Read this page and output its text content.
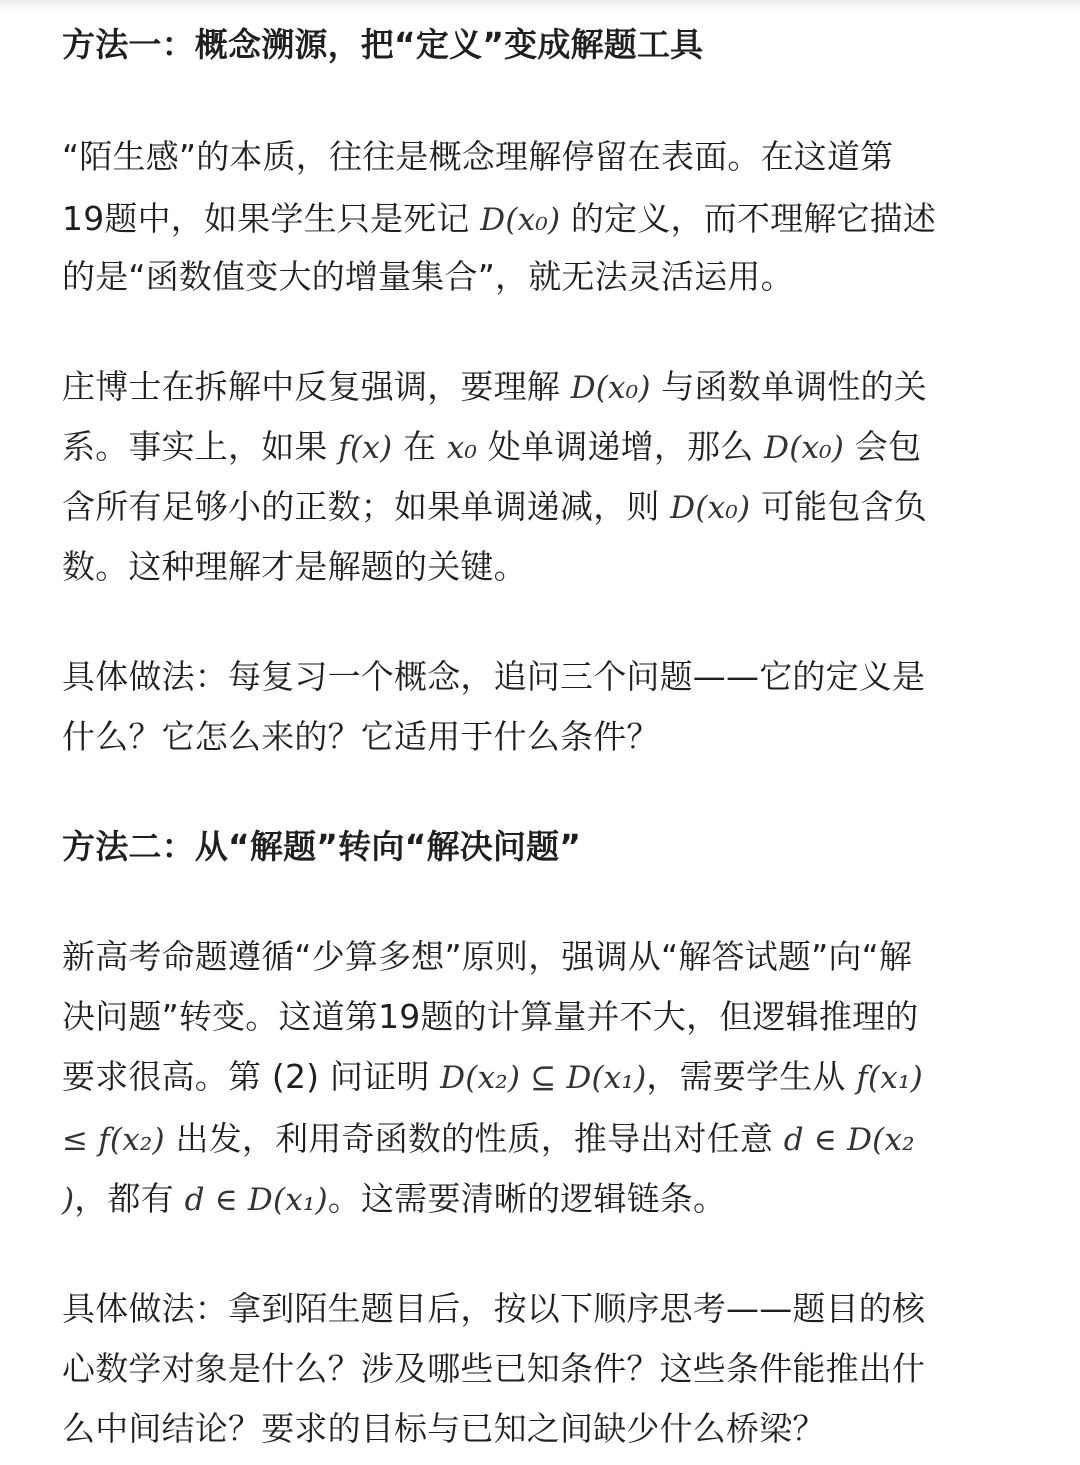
方法一：概念溯源，把“定义”变成解题工具
“陌生感”的本质，往往是概念理解停留在表面。在这道第
19题中，如果学生只是死记 D(x₀) 的定义，而不理解它描述
的是“函数值变大的增量集合”，就无法灵活运用。
庄博士在拆解中反复强调，要理解 D(x₀) 与函数单调性的关
系。事实上，如果 f(x) 在 x₀ 处单调递增，那么 D(x₀) 会包
含所有足够小的正数；如果单调递减，则 D(x₀) 可能包含负
数。这种理解才是解题的关键。
具体做法：每复习一个概念，追问三个问题——它的定义是
什么？它怎么来的？它适用于什么条件？
方法二：从“解题”转向“解决问题”
新高考命题遵循“少算多想”原则，强调从“解答试题”向“解
决问题”转变。这道第19题的计算量并不大，但逻辑推理的
要求很高。第 (2) 问证明 D(x₂) ⊆ D(x₁)，需要学生从 f(x₁)
≤ f(x₂) 出发，利用奇函数的性质，推导出对任意 d ∈ D(x₂
)，都有 d ∈ D(x₁)。这需要清晰的逻辑链条。
具体做法：拿到陌生题目后，按以下顺序思考——题目的核
心数学对象是什么？涉及哪些已知条件？这些条件能推出什
么中间结论？要求的目标与已知之间缺少什么桥梁？
